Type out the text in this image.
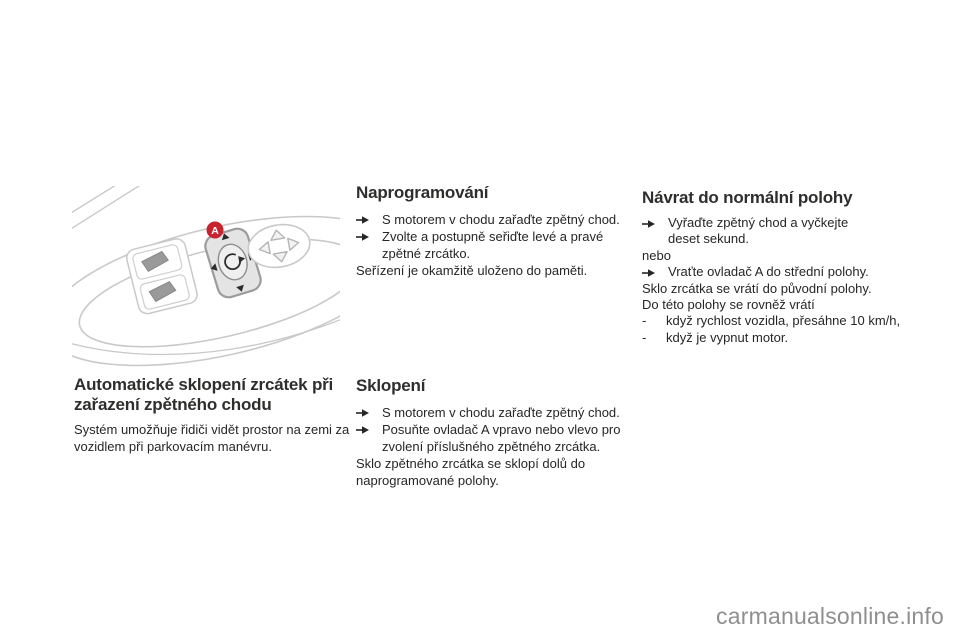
A
Naprogramování
S motorem v chodu zařaďte zpětný chod.
Zvolte a postupně seřiďte levé a pravé zpětné zrcátko.

Seřízení je okamžitě uloženo do paměti.

Návrat do normální polohy
Vyřaďte zpětný chod a vyčkejte deset sekund.

nebo

Vraťte ovladač A do střední polohy.

Sklo zrcátka se vrátí do původní polohy.

Do této polohy se rovněž vrátí

-	když rychlost vozidla, přesáhne 10 km/h,
-	když je vypnut motor.
Automatické sklopení zrcátek při zařazení zpětného chodu

Systém umožňuje řidiči vidět prostor na zemi za vozidlem při parkovacím manévru.

Sklopení
S motorem v chodu zařaďte zpětný chod.
Posuňte ovladač A vpravo nebo vlevo pro zvolení příslušného zpětného zrcátka.

Sklo zpětného zrcátka se sklopí dolů do naprogramované polohy.

carmanualsonline.info
